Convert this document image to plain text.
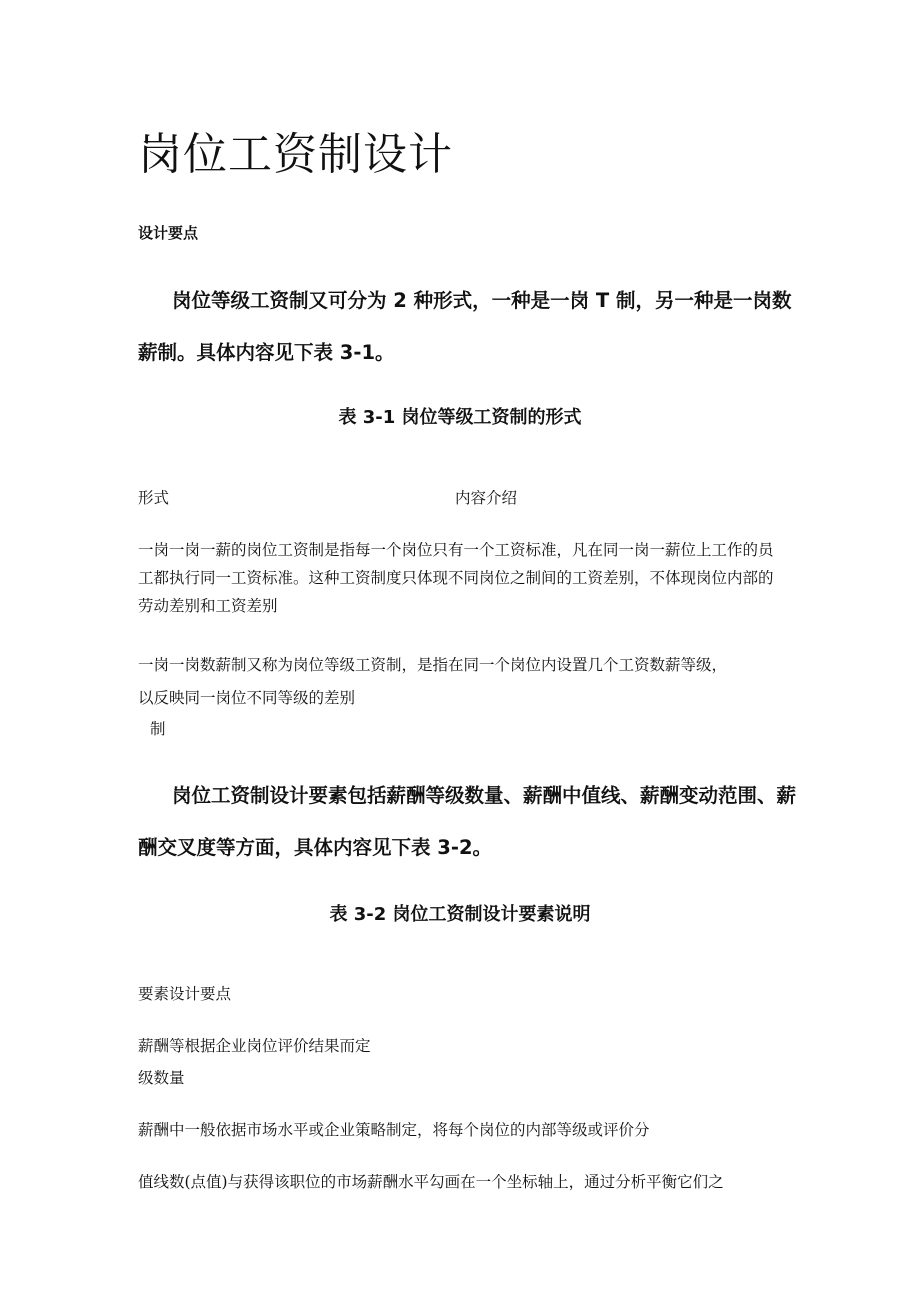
岗位工资制设计
设计要点
岗位等级工资制又可分为 2 种形式，一种是一岗 T 制，另一种是一岗数薪制。具体内容见下表 3-1。
表 3-1 岗位等级工资制的形式
形式	内容介绍
一岗一岗一薪的岗位工资制是指每一个岗位只有一个工资标准，凡在同一岗一薪位上工作的员工都执行同一工资标准。这种工资制度只体现不同岗位之制间的工资差别，不体现岗位内部的劳动差别和工资差别
一岗一岗数薪制又称为岗位等级工资制，是指在同一个岗位内设置几个工资数薪等级，
以反映同一岗位不同等级的差别
制
岗位工资制设计要素包括薪酬等级数量、薪酬中值线、薪酬变动范围、薪酬交叉度等方面，具体内容见下表 3-2。
表 3-2 岗位工资制设计要素说明
要素设计要点
薪酬等根据企业岗位评价结果而定
级数量
薪酬中一般依据市场水平或企业策略制定，将每个岗位的内部等级或评价分
值线数(点值)与获得该职位的市场薪酬水平勾画在一个坐标轴上，通过分析平衡它们之
